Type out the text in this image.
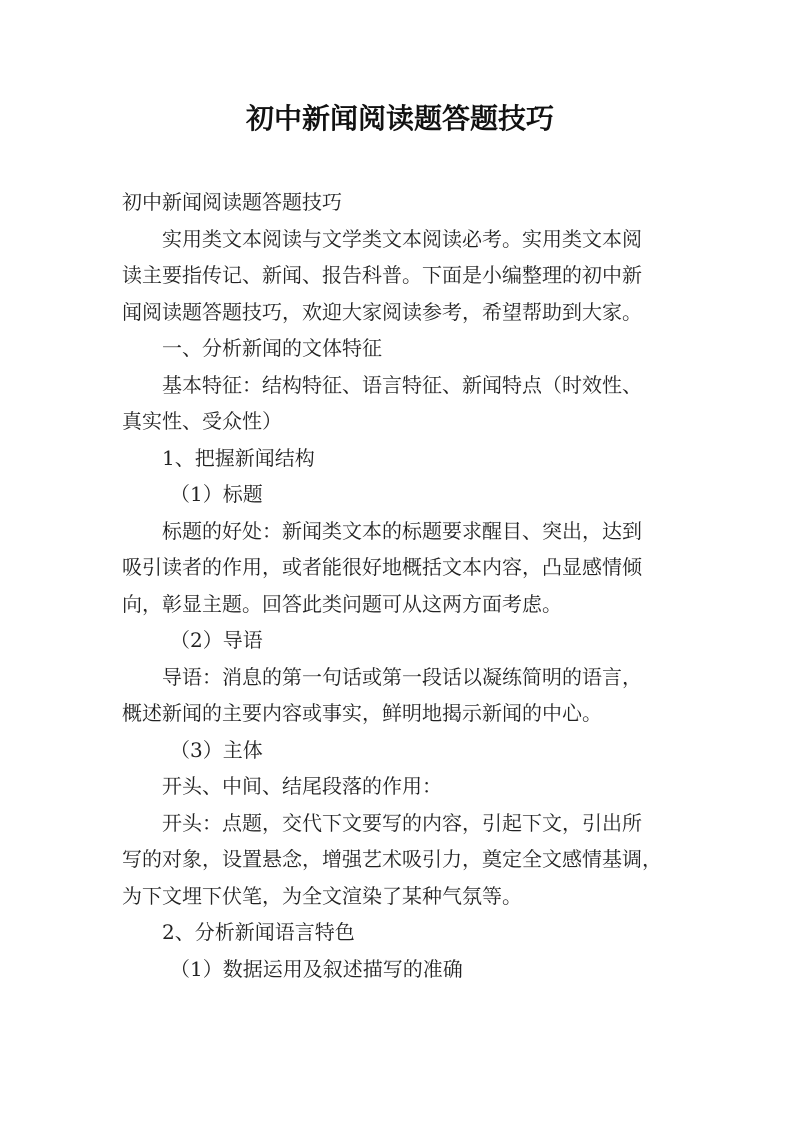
初中新闻阅读题答题技巧
初中新闻阅读题答题技巧
实用类文本阅读与文学类文本阅读必考。实用类文本阅
读主要指传记、新闻、报告科普。下面是小编整理的初中新
闻阅读题答题技巧，欢迎大家阅读参考，希望帮助到大家。
一、分析新闻的文体特征
基本特征：结构特征、语言特征、新闻特点（时效性、
真实性、受众性）
1、把握新闻结构
（1）标题
标题的好处：新闻类文本的标题要求醒目、突出，达到
吸引读者的作用，或者能很好地概括文本内容，凸显感情倾
向，彰显主题。回答此类问题可从这两方面考虑。
（2）导语
导语：消息的第一句话或第一段话以凝练简明的语言，
概述新闻的主要内容或事实，鲜明地揭示新闻的中心。
（3）主体
开头、中间、结尾段落的作用：
开头：点题，交代下文要写的内容，引起下文，引出所
写的对象，设置悬念，增强艺术吸引力，奠定全文感情基调，
为下文埋下伏笔，为全文渲染了某种气氛等。
2、分析新闻语言特色
（1）数据运用及叙述描写的准确
